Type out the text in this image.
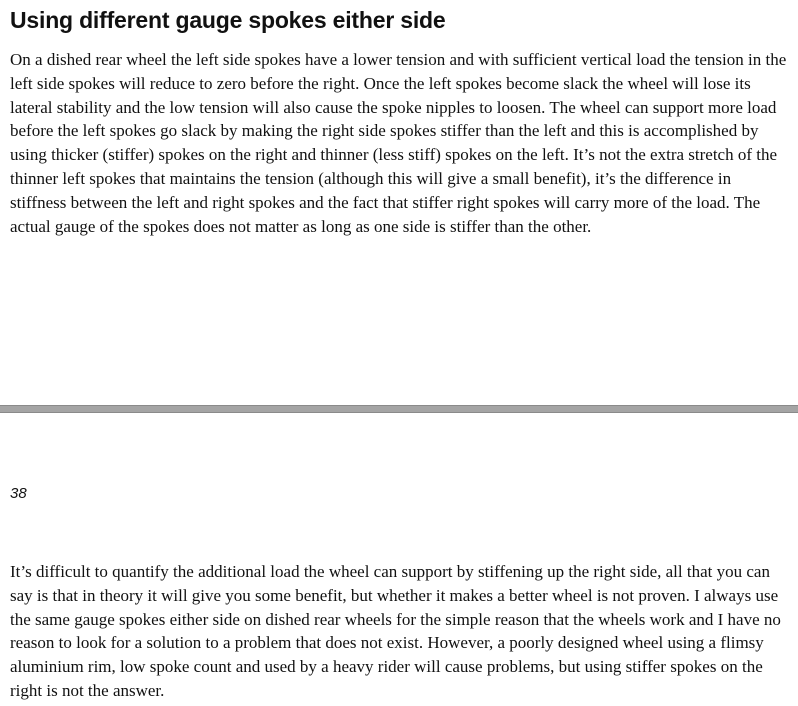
Using different gauge spokes either side

On a dished rear wheel the left side spokes have a lower tension and with sufficient vertical load the tension in the left side spokes will reduce to zero before the right. Once the left spokes become slack the wheel will lose its lateral stability and the low tension will also cause the spoke nipples to loosen. The wheel can support more load before the left spokes go slack by making the right side spokes stiffer than the left and this is accomplished by using thicker (stiffer) spokes on the right and thinner (less stiff) spokes on the left. It’s not the extra stretch of the thinner left spokes that maintains the tension (although this will give a small benefit), it’s the difference in stiffness between the left and right spokes and the fact that stiffer right spokes will carry more of the load. The actual gauge of the spokes does not matter as long as one side is stiffer than the other.

38

It’s difficult to quantify the additional load the wheel can support by stiffening up the right side, all that you can say is that in theory it will give you some benefit, but whether it makes a better wheel is not proven. I always use the same gauge spokes either side on dished rear wheels for the simple reason that the wheels work and I have no reason to look for a solution to a problem that does not exist. However, a poorly designed wheel using a flimsy aluminium rim, low spoke count and used by a heavy rider will cause problems, but using stiffer spokes on the right is not the answer.
